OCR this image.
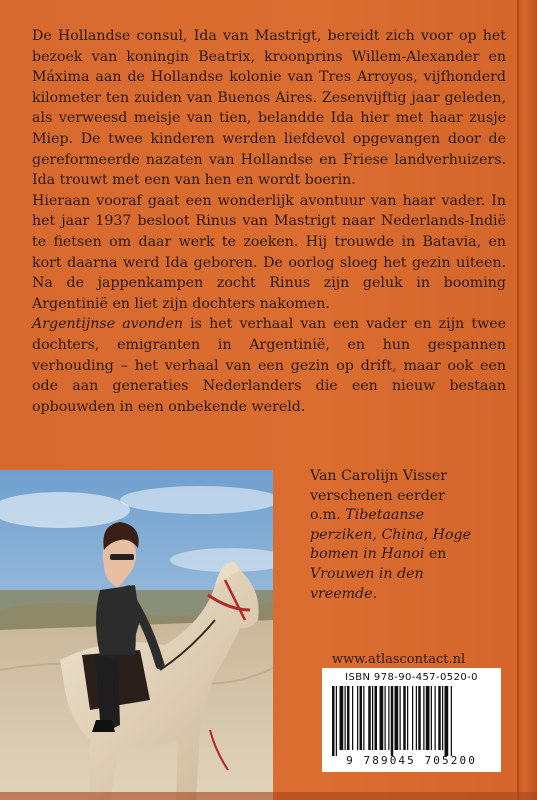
De Hollandse consul, Ida van Mastrigt, bereidt zich voor op het bezoek van koningin Beatrix, kroonprins Willem-Alexander en Máxima aan de Hollandse kolonie van Tres Arroyos, vijfhonderd kilometer ten zuiden van Buenos Aires. Zesenvijftig jaar geleden, als verweesd meisje van tien, belandde Ida hier met haar zusje Miep. De twee kinderen werden liefdevol opgevangen door de gereformeerde nazaten van Hollandse en Friese landverhuizers. Ida trouwt met een van hen en wordt boerin.

Hieraan vooraf gaat een wonderlijk avontuur van haar vader. In het jaar 1937 besloot Rinus van Mastrigt naar Nederlands-Indië te fietsen om daar werk te zoeken. Hij trouwde in Batavia, en kort daarna werd Ida geboren. De oorlog sloeg het gezin uiteen. Na de jappenkampen zocht Rinus zijn geluk in booming Argentinië en liet zijn dochters nakomen.

Argentijnse avonden is het verhaal van een vader en zijn twee dochters, emigranten in Argentinië, en hun gespannen verhouding – het verhaal van een gezin op drift, maar ook een ode aan generaties Nederlanders die een nieuw bestaan opbouwden in een onbekende wereld.

Van Carolijn Visser
verschenen eerder
o.m. Tibetaanse perziken, China, Hoge bomen in Hanoi en Vrouwen in den vreemde.
www.atlascontact.nl
ISBN 978-90-457-0520-0
9 789045 705200
